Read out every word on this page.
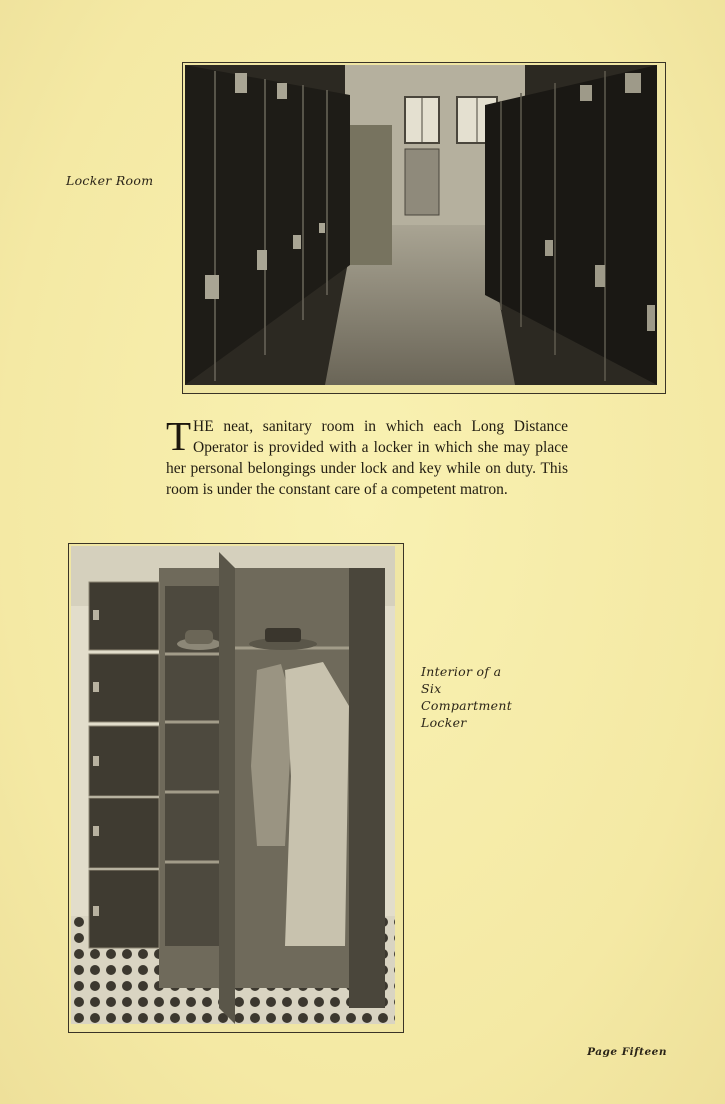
Locker Room
THE neat, sanitary room in which each Long Distance Operator is provided with a locker in which she may place her personal belongings under lock and key while on duty. This room is under the constant care of a competent matron.
Interior of a
Six
Compartment
Locker
Page Fifteen
